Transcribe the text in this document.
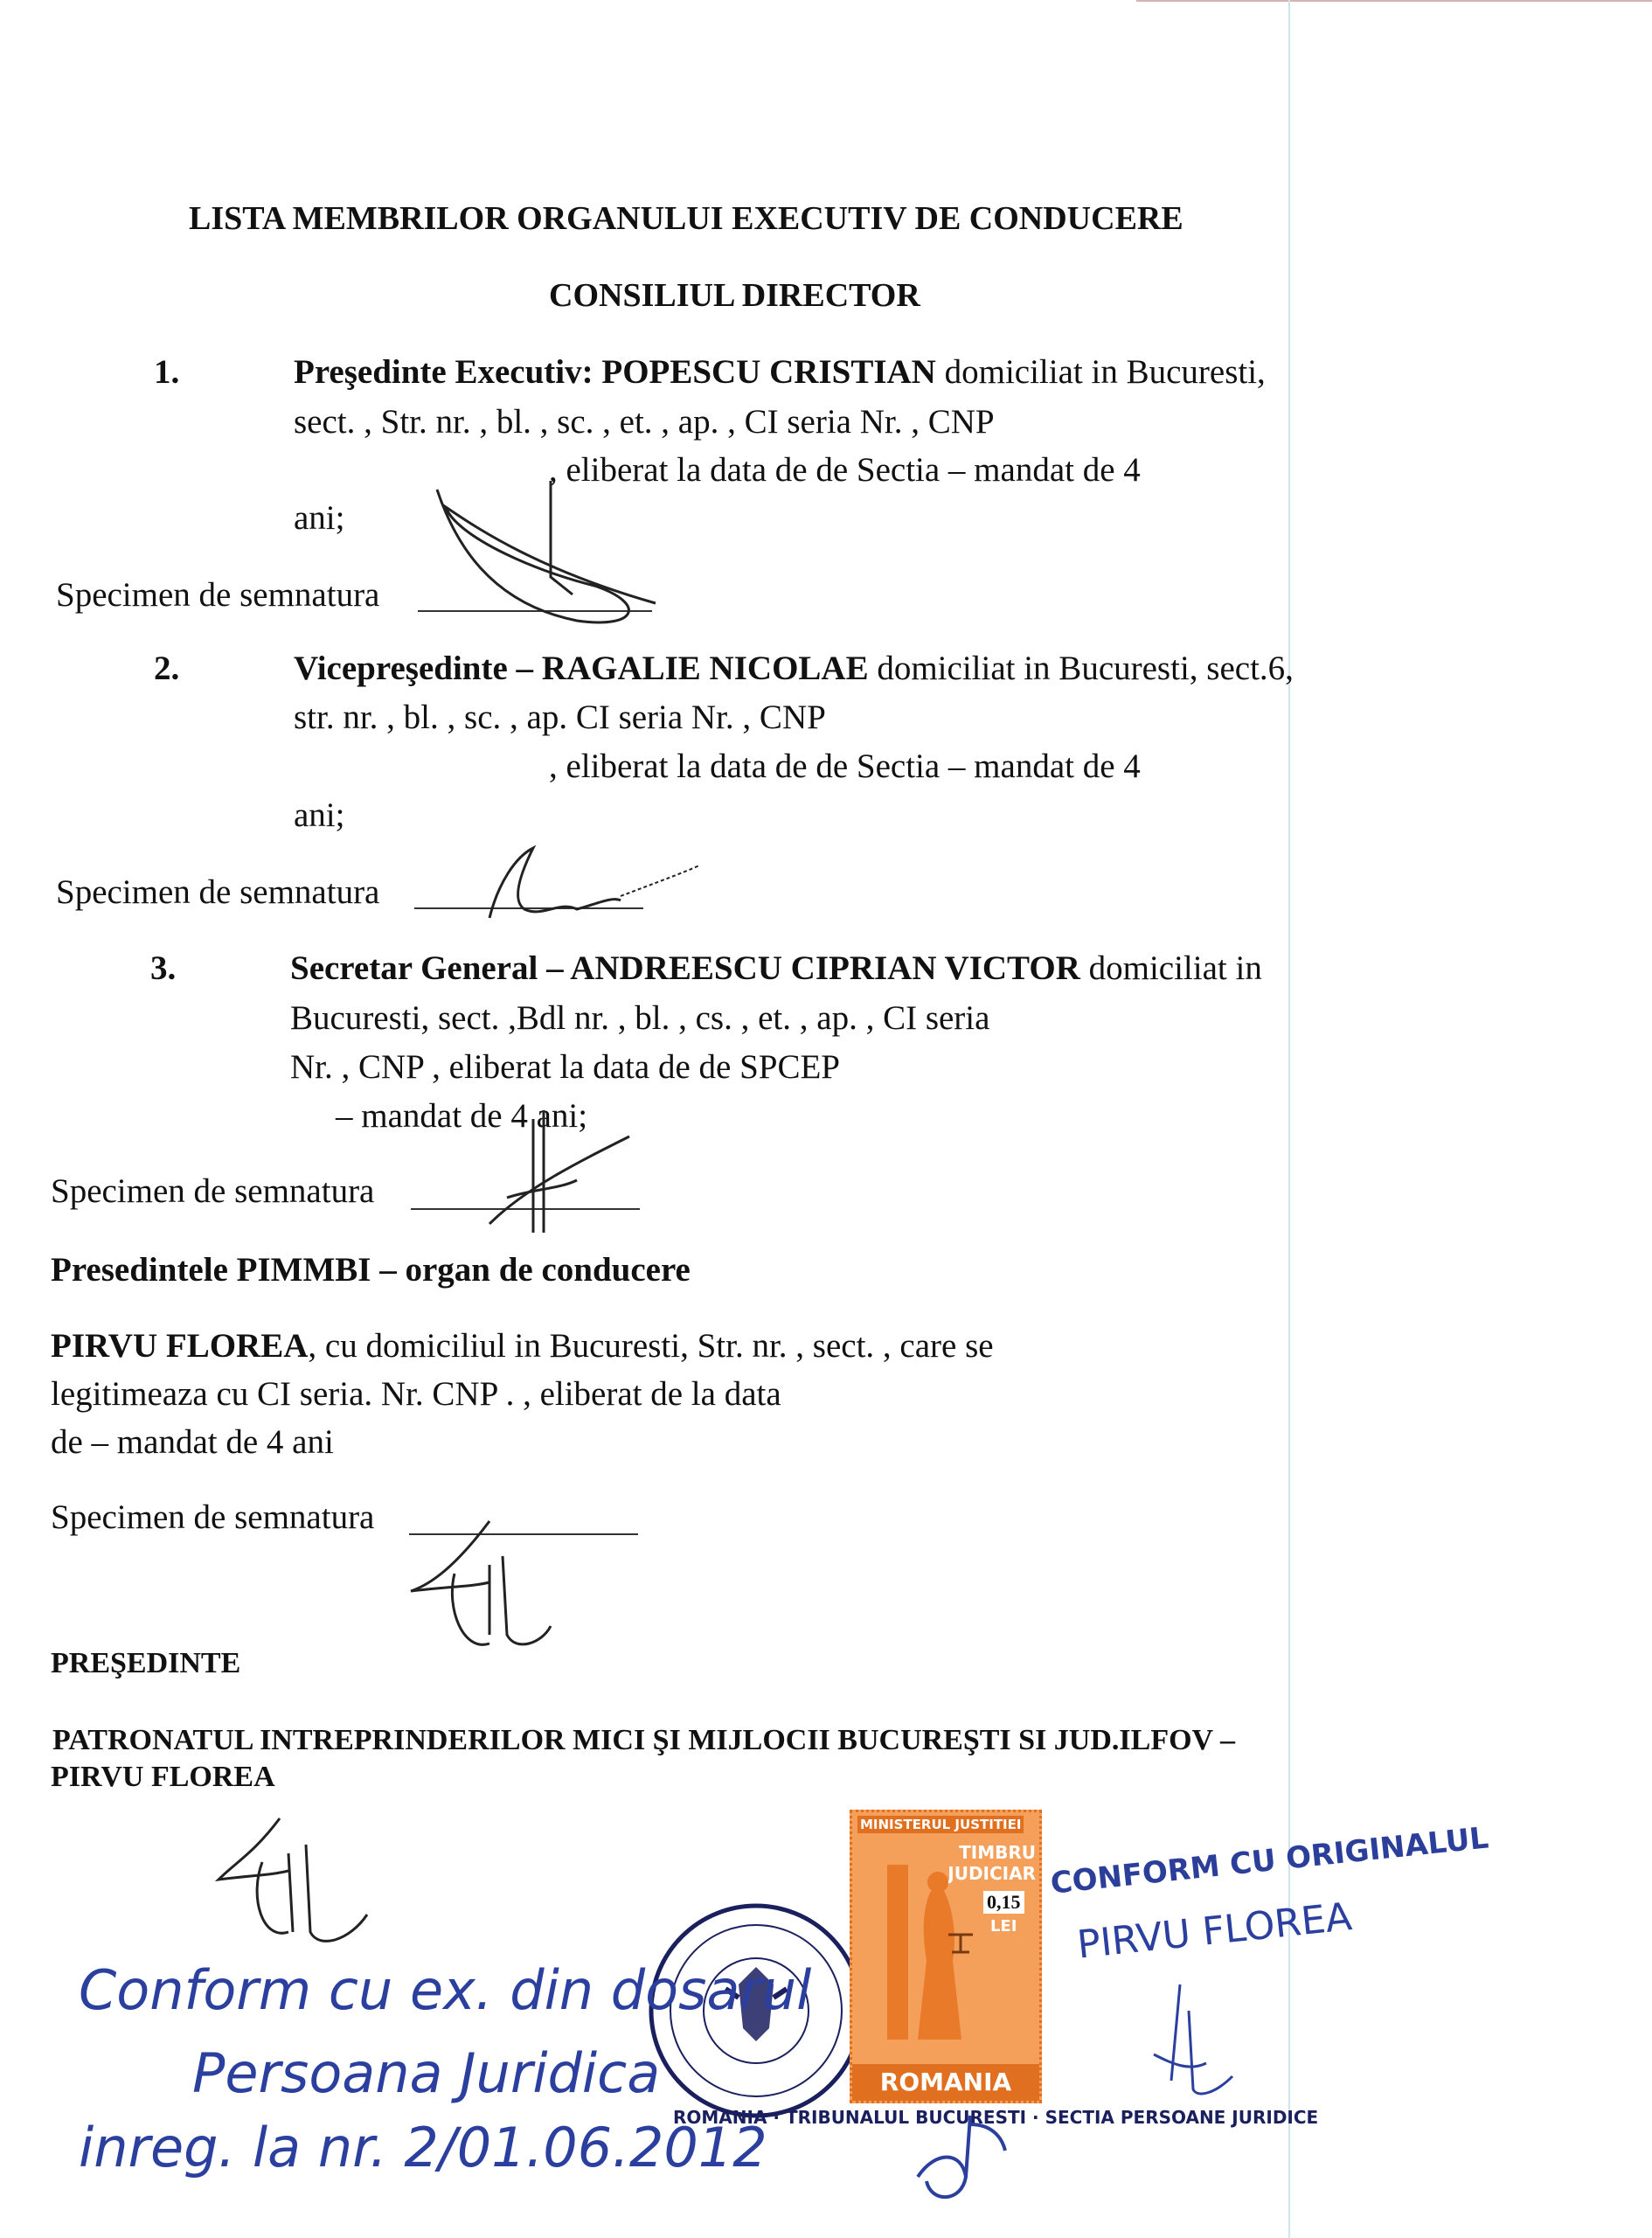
LISTA MEMBRILOR ORGANULUI EXECUTIV DE CONDUCERE
CONSILIUL DIRECTOR
1.	Preşedinte Executiv: POPESCU CRISTIAN domiciliat in Bucuresti,
sect. , Str. nr. , bl. , sc. , et. , ap. , CI seria Nr. , CNP
, eliberat la data de de Sectia – mandat de 4
ani;
Specimen de semnatura
2.	Vicepreşedinte – RAGALIE NICOLAE domiciliat in Bucuresti, sect.6,
str. nr. , bl. , sc. , ap. CI seria Nr. , CNP
, eliberat la data de de Sectia – mandat de 4
ani;
Specimen de semnatura
3.	Secretar General – ANDREESCU CIPRIAN VICTOR domiciliat in
Bucuresti, sect. ,Bdl nr. , bl. , cs. , et. , ap. , CI seria
Nr. , CNP , eliberat la data de de SPCEP
– mandat de 4 ani;
Specimen de semnatura
Presedintele PIMMBI – organ de conducere
PIRVU FLOREA, cu domiciliul in Bucuresti, Str. nr. , sect. , care se
legitimeaza cu CI seria. Nr. CNP . , eliberat de la data
de – mandat de 4 ani
Specimen de semnatura
PREŞEDINTE
PATRONATUL INTREPRINDERILOR MICI ŞI MIJLOCII BUCUREŞTI SI JUD.ILFOV –
PIRVU FLOREA
ROMANIA · TRIBUNALUL BUCURESTI · SECTIA PERSOANE JURIDICE
MINISTERUL JUSTITIEI
TIMBRU JUDICIAR
0,15
LEI
ROMANIA
CONFORM CU ORIGINALUL
PIRVU FLOREA
Conform cu ex. din dosarul
Persoana Juridica
inreg. la nr. 2/01.06.2012
